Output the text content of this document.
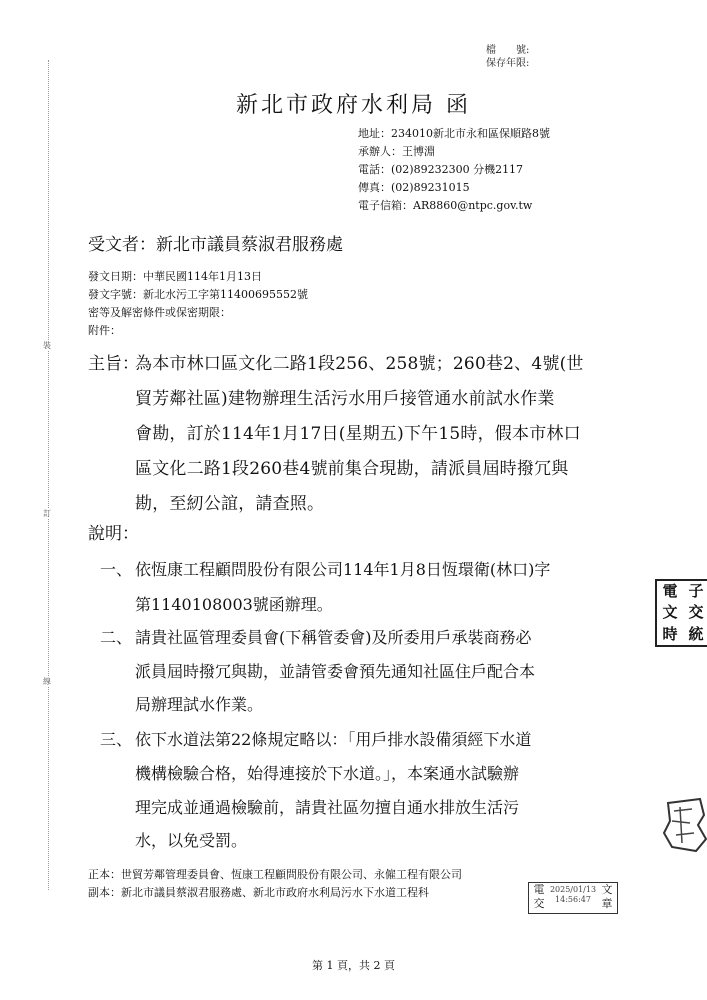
裝
訂
線
檔　　號:
保存年限:
新北市政府水利局 函
地址：234010新北市永和區保順路8號
承辦人：王博淵
電話：(02)89232300 分機2117
傳真：(02)89231015
電子信箱：AR8860@ntpc.gov.tw
受文者：新北市議員蔡淑君服務處
發文日期：中華民國114年1月13日
發文字號：新北水污工字第11400695552號
密等及解密條件或保密期限：
附件：
主旨：
為本市林口區文化二路1段256、258號；260巷2、4號(世
貿芳鄰社區)建物辦理生活污水用戶接管通水前試水作業
會勘，訂於114年1月17日(星期五)下午15時，假本市林口
區文化二路1段260巷4號前集合現勘，請派員屆時撥冗與
勘，至紉公誼，請查照。
說明：
一、 依恆康工程顧問股份有限公司114年1月8日恆環衛(林口)字
第1140108003號函辦理。
二、 請貴社區管理委員會(下稱管委會)及所委用戶承裝商務必
派員屆時撥冗與勘，並請管委會預先通知社區住戶配合本
局辦理試水作業。
三、 依下水道法第22條規定略以：「用戶排水設備須經下水道
機構檢驗合格，始得連接於下水道。」，本案通水試驗辦
理完成並通過檢驗前，請貴社區勿擅自通水排放生活污
水，以免受罰。
正本：世貿芳鄰管理委員會、恆康工程顧問股份有限公司、永僱工程有限公司
副本：新北市議員蔡淑君服務處、新北市政府水利局污水下水道工程科
電 子
文 交
時 統
電
交
2025/01/13
14:56:47
文
章
第 1 頁，共 2 頁
